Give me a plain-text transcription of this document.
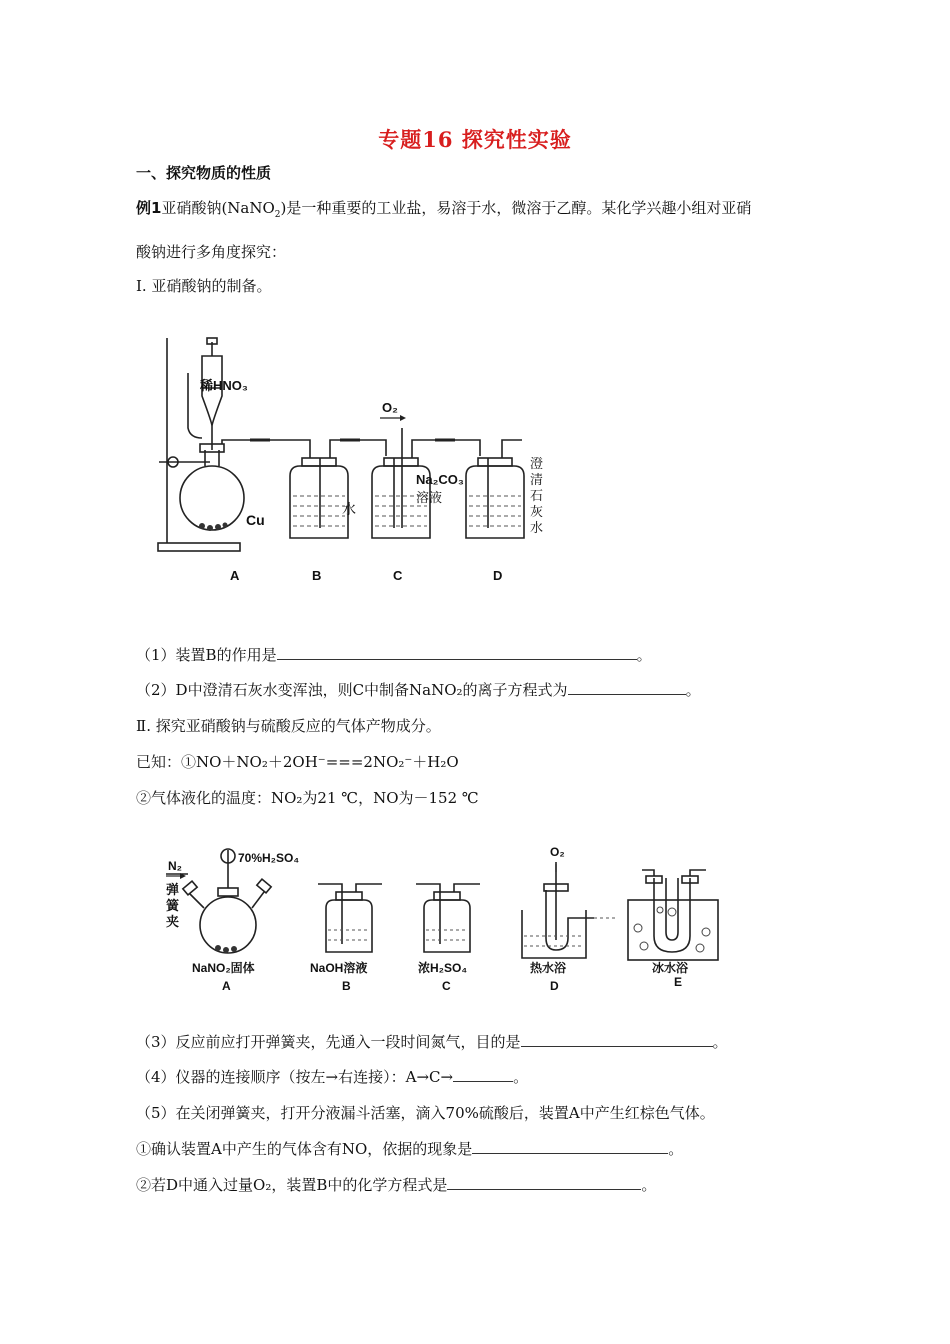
专题16 探究性实验
一、探究物质的性质
例1亚硝酸钠(NaNO$_2$)是一种重要的工业盐，易溶于水，微溶于乙醇。某化学兴趣小组对亚硝
酸钠进行多角度探究：
Ⅰ. 亚硝酸钠的制备。
稀HNO₃
Cu
O₂
水
Na₂CO₃
溶液
澄
清
石
灰
水
A	B	C	D
（1）装置B的作用是	。
（2）D中澄清石灰水变浑浊，则C中制备NaNO₂的离子方程式为	。
Ⅱ. 探究亚硝酸钠与硫酸反应的气体产物成分。
已知：①NO＋NO₂＋2OH⁻===2NO₂⁻＋H₂O
②气体液化的温度：NO₂为21 ℃，NO为－152 ℃
N₂
70%H₂SO₄
弹
簧
夹
O₂
NaNO₂固体	NaOH溶液	浓H₂SO₄	热水浴	冰水浴
A	B	C	D	E
（3）反应前应打开弹簧夹，先通入一段时间氮气，目的是	。
（4）仪器的连接顺序（按左→右连接）：A→C→	。
（5）在关闭弹簧夹，打开分液漏斗活塞，滴入70%硫酸后，装置A中产生红棕色气体。
①确认装置A中产生的气体含有NO，依据的现象是	。
②若D中通入过量O₂，装置B中的化学方程式是	。
